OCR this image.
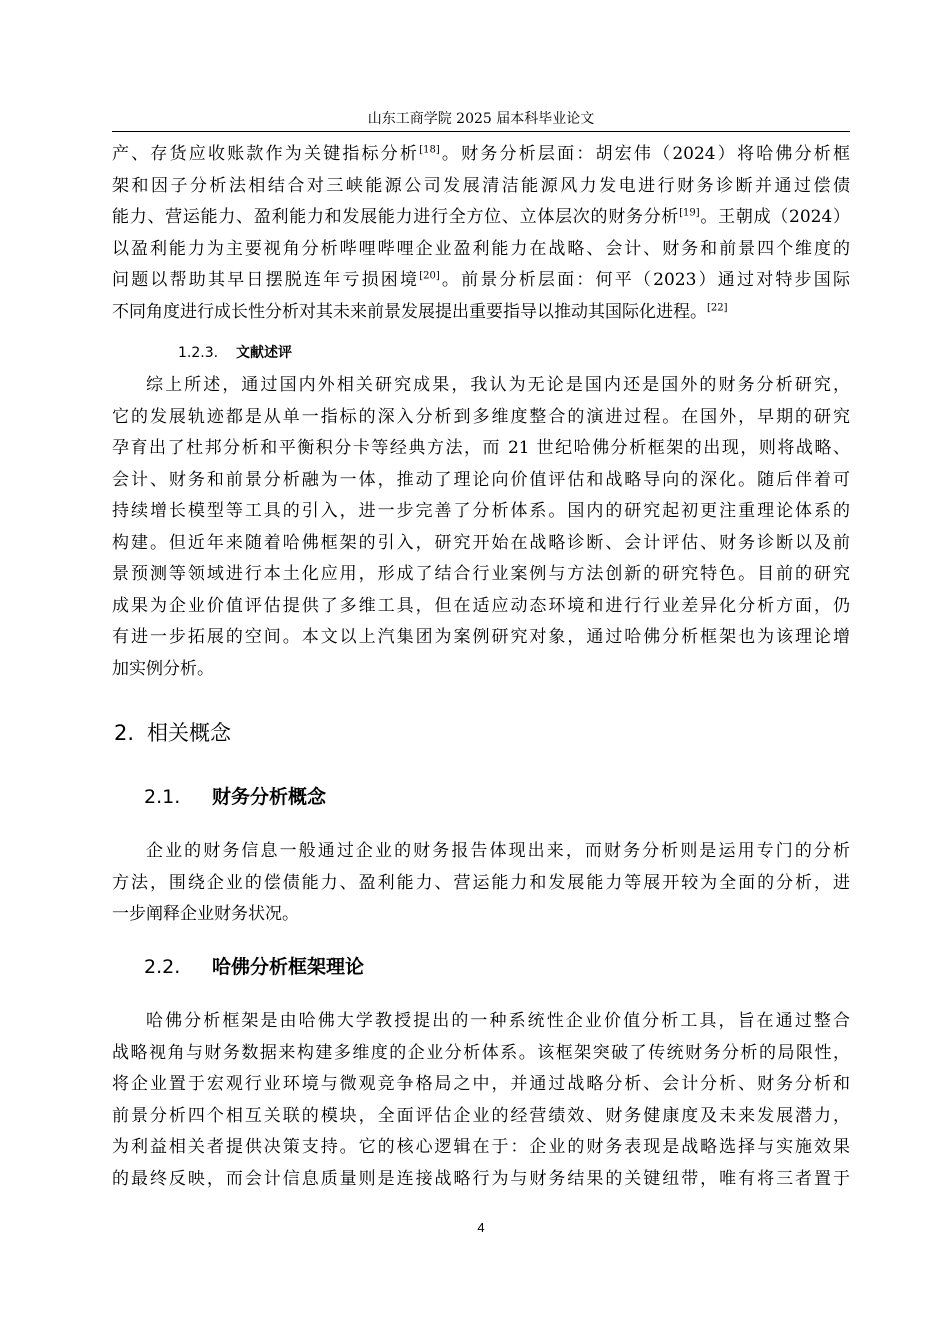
山东工商学院 2025 届本科毕业论文
产、存货应收账款作为关键指标分析[18]。财务分析层面：胡宏伟（2024）将哈佛分析框
架和因子分析法相结合对三峡能源公司发展清洁能源风力发电进行财务诊断并通过偿债
能力、营运能力、盈利能力和发展能力进行全方位、立体层次的财务分析[19]。王朝成（2024）
以盈利能力为主要视角分析哔哩哔哩企业盈利能力在战略、会计、财务和前景四个维度的
问题以帮助其早日摆脱连年亏损困境[20]。前景分析层面：何平（2023）通过对特步国际
不同角度进行成长性分析对其未来前景发展提出重要指导以推动其国际化进程。[22]
1.2.3. 文献述评
综上所述，通过国内外相关研究成果，我认为无论是国内还是国外的财务分析研究，
它的发展轨迹都是从单一指标的深入分析到多维度整合的演进过程。在国外，早期的研究
孕育出了杜邦分析和平衡积分卡等经典方法，而 21 世纪哈佛分析框架的出现，则将战略、
会计、财务和前景分析融为一体，推动了理论向价值评估和战略导向的深化。随后伴着可
持续增长模型等工具的引入，进一步完善了分析体系。国内的研究起初更注重理论体系的
构建。但近年来随着哈佛框架的引入，研究开始在战略诊断、会计评估、财务诊断以及前
景预测等领域进行本土化应用，形成了结合行业案例与方法创新的研究特色。目前的研究
成果为企业价值评估提供了多维工具，但在适应动态环境和进行行业差异化分析方面，仍
有进一步拓展的空间。本文以上汽集团为案例研究对象，通过哈佛分析框架也为该理论增
加实例分析。
2. 相关概念
2.1. 财务分析概念
企业的财务信息一般通过企业的财务报告体现出来，而财务分析则是运用专门的分析
方法，围绕企业的偿债能力、盈利能力、营运能力和发展能力等展开较为全面的分析，进
一步阐释企业财务状况。
2.2. 哈佛分析框架理论
哈佛分析框架是由哈佛大学教授提出的一种系统性企业价值分析工具，旨在通过整合
战略视角与财务数据来构建多维度的企业分析体系。该框架突破了传统财务分析的局限性，
将企业置于宏观行业环境与微观竞争格局之中，并通过战略分析、会计分析、财务分析和
前景分析四个相互关联的模块，全面评估企业的经营绩效、财务健康度及未来发展潜力，
为利益相关者提供决策支持。它的核心逻辑在于：企业的财务表现是战略选择与实施效果
的最终反映，而会计信息质量则是连接战略行为与财务结果的关键纽带，唯有将三者置于
4
